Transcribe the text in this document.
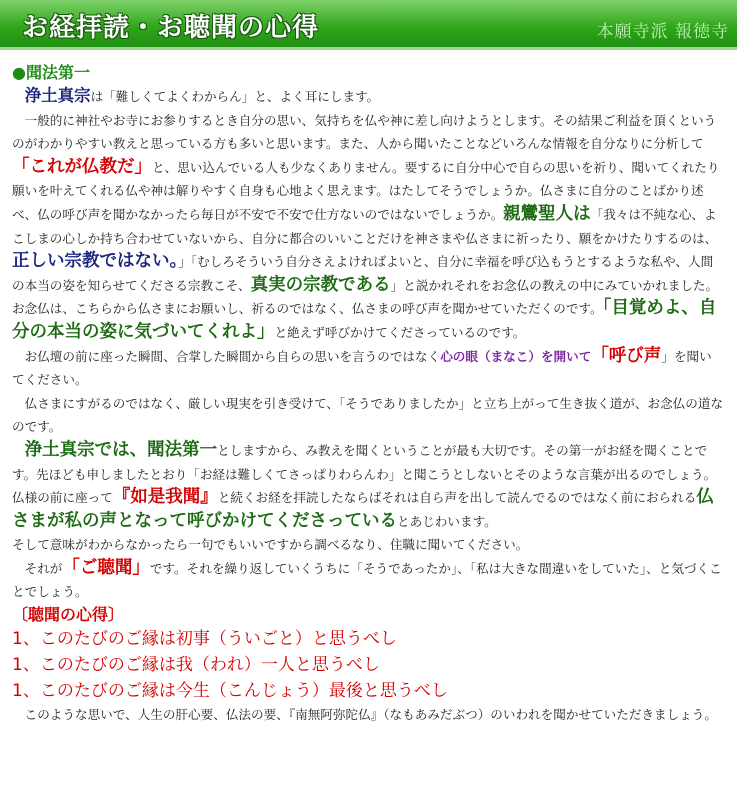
お経拝読・お聴聞の心得	本願寺派 報徳寺
●聞法第一

浄土真宗は「難しくてよくわからん」と、よく耳にします。

一般的に神社やお寺にお参りするとき自分の思い、気持ちを仏や神に差し向けようとします。その結果ご利益を頂くというのがわかりやすい教えと思っている方も多いと思います。また、人から聞いたことなどいろんな情報を自分なりに分析して「これが仏教だ」と、思い込んでいる人も少なくありません。要するに自分中心で自らの思いを祈り、聞いてくれたり願いを叶えてくれる仏や神は解りやすく自身も心地よく思えます。はたしてそうでしょうか。仏さまに自分のことばかり述べ、仏の呼び声を聞かなかったら毎日が不安で不安で仕方ないのではないでしょうか。親鸞聖人は「我々は不純な心、よこしまの心しか持ち合わせていないから、自分に都合のいいことだけを神さまや仏さまに祈ったり、願をかけたりするのは、正しい宗教ではない。」「むしろそういう自分さえよければよいと、自分に幸福を呼び込もうとするような私や、人間の本当の姿を知らせてくださる宗教こそ、真実の宗教である」と説かれそれをお念仏の教えの中にみていかれました。お念仏は、こちらから仏さまにお願いし、祈るのではなく、仏さまの呼び声を聞かせていただくのです。「目覚めよ、自分の本当の姿に気づいてくれよ」と絶えず呼びかけてくださっているのです。

お仏壇の前に座った瞬間、合掌した瞬間から自らの思いを言うのではなく心の眼（まなこ）を開いて「呼び声」を聞いてください。

仏さまにすがるのではなく、厳しい現実を引き受けて、「そうでありましたか」と立ち上がって生き抜く道が、お念仏の道なのです。

浄土真宗では、聞法第一としますから、み教えを聞くということが最も大切です。その第一がお経を聞くことです。先ほども申しましたとおり「お経は難しくてさっぱりわらんわ」と聞こうとしないとそのような言葉が出るのでしょう。仏様の前に座って『如是我聞』と続くお経を拝読したならばそれは自ら声を出して読んでるのではなく前におられる仏さまが私の声となって呼びかけてくださっているとあじわいます。

そして意味がわからなかったら一句でもいいですから調べるなり、住職に聞いてください。

それが「ご聴聞」です。それを繰り返していくうちに「そうであったか」、「私は大きな間違いをしていた」、と気づくことでしょう。

〔聴聞の心得〕
1、このたびのご縁は初事（ういごと）と思うべし
1、このたびのご縁は我（われ）一人と思うべし
1、このたびのご縁は今生（こんじょう）最後と思うべし

このような思いで、人生の肝心要、仏法の要、『南無阿弥陀仏』（なもあみだぶつ）のいわれを聞かせていただきましょう。
